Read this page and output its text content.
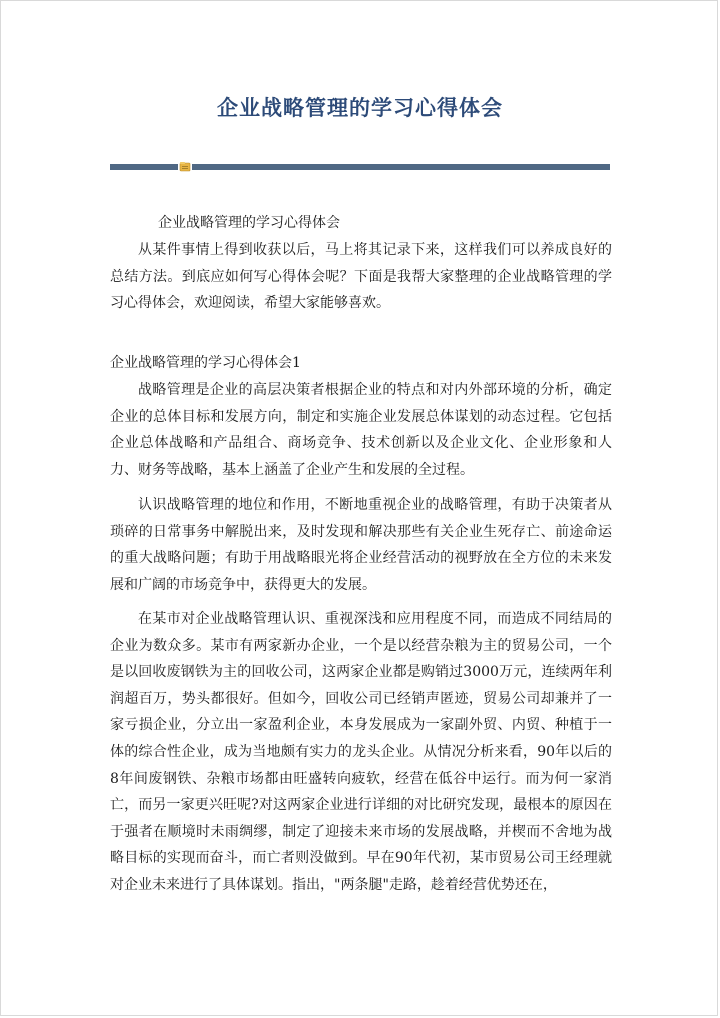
企业战略管理的学习心得体会

企业战略管理的学习心得体会

从某件事情上得到收获以后，马上将其记录下来，这样我们可以养成良好的总结方法。到底应如何写心得体会呢？下面是我帮大家整理的企业战略管理的学习心得体会，欢迎阅读，希望大家能够喜欢。

企业战略管理的学习心得体会1

战略管理是企业的高层决策者根据企业的特点和对内外部环境的分析，确定企业的总体目标和发展方向，制定和实施企业发展总体谋划的动态过程。它包括企业总体战略和产品组合、商场竞争、技术创新以及企业文化、企业形象和人力、财务等战略，基本上涵盖了企业产生和发展的全过程。

认识战略管理的地位和作用，不断地重视企业的战略管理，有助于决策者从琐碎的日常事务中解脱出来，及时发现和解决那些有关企业生死存亡、前途命运的重大战略问题；有助于用战略眼光将企业经营活动的视野放在全方位的未来发展和广阔的市场竞争中，获得更大的发展。

在某市对企业战略管理认识、重视深浅和应用程度不同，而造成不同结局的企业为数众多。某市有两家新办企业，一个是以经营杂粮为主的贸易公司，一个是以回收废钢铁为主的回收公司，这两家企业都是购销过3000万元，连续两年利润超百万，势头都很好。但如今，回收公司已经销声匿迹，贸易公司却兼并了一家亏损企业，分立出一家盈利企业，本身发展成为一家副外贸、内贸、种植于一体的综合性企业，成为当地颇有实力的龙头企业。从情况分析来看，90年以后的8年间废钢铁、杂粮市场都由旺盛转向疲软，经营在低谷中运行。而为何一家消亡，而另一家更兴旺呢?对这两家企业进行详细的对比研究发现，最根本的原因在于强者在顺境时未雨绸缪，制定了迎接未来市场的发展战略，并楔而不舍地为战略目标的实现而奋斗，而亡者则没做到。早在90年代初，某市贸易公司王经理就对企业未来进行了具体谋划。指出，"两条腿"走路，趁着经营优势还在，
